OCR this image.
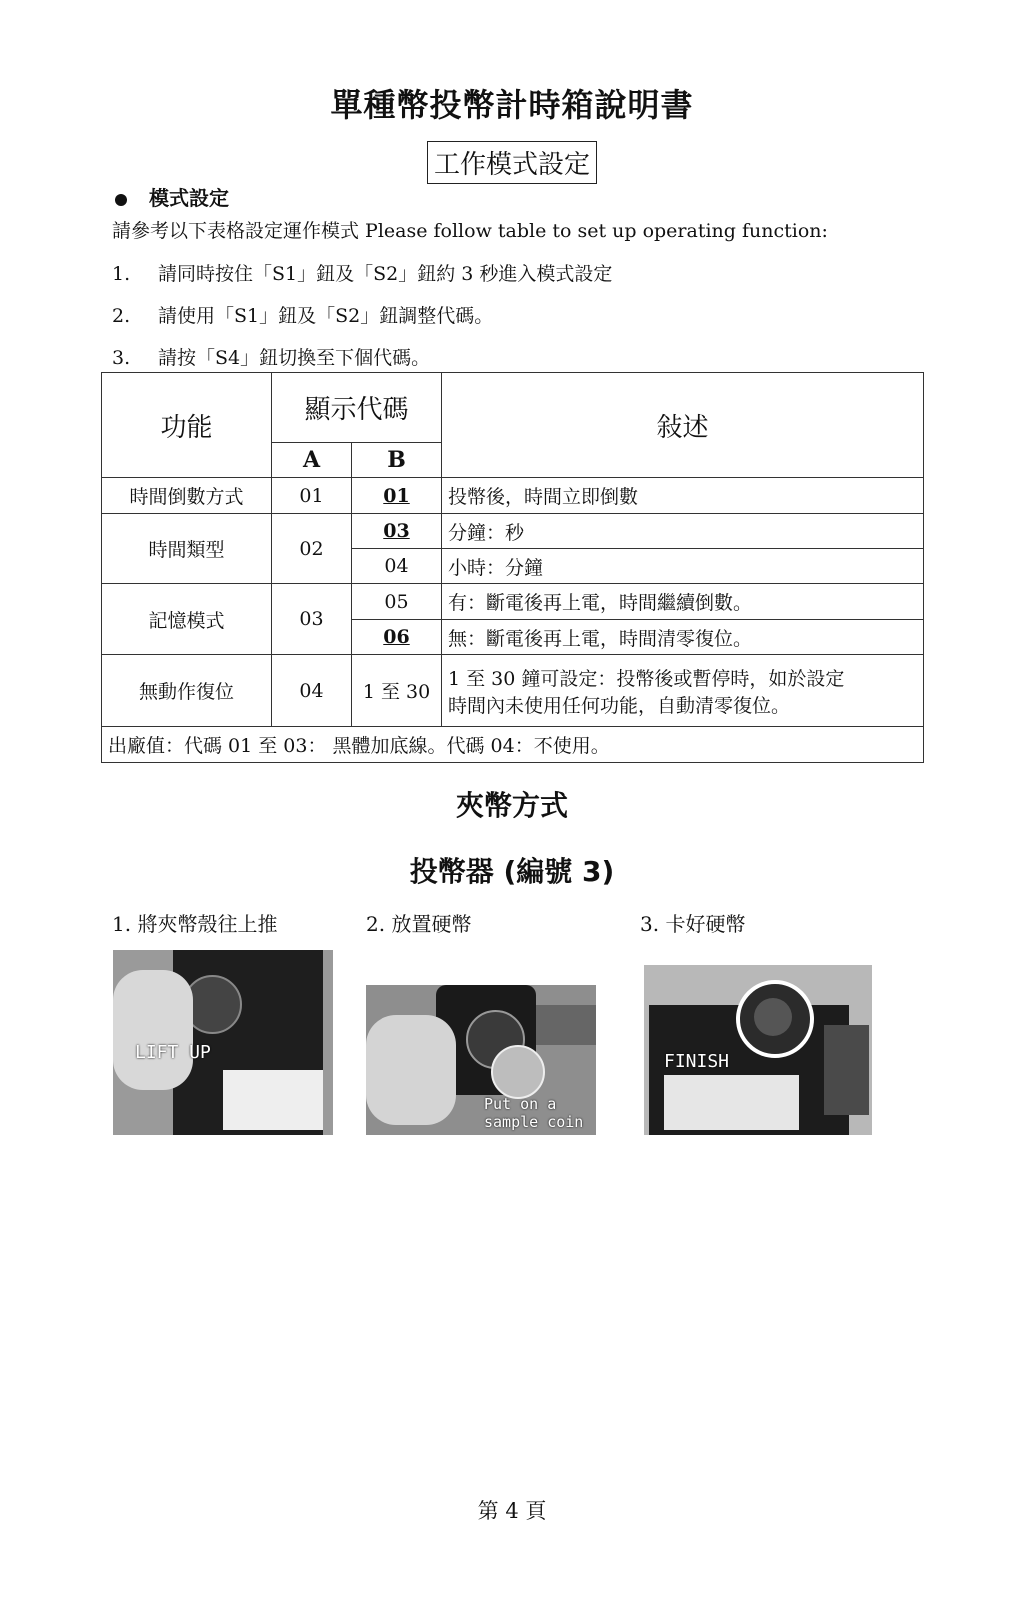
單種幣投幣計時箱說明書
工作模式設定
模式設定
請參考以下表格設定運作模式 Please follow table to set up operating function:
1. 請同時按住「S1」鈕及「S2」鈕約 3 秒進入模式設定
2. 請使用「S1」鈕及「S2」鈕調整代碼。
3. 請按「S4」鈕切換至下個代碼。
功能	顯示代碼		敍述
	A	B	
時間倒數方式	01	01	投幣後，時間立即倒數
時間類型	02	03	分鐘：秒
		04	小時：分鐘
記憶模式	03	05	有：斷電後再上電，時間繼續倒數。
		06	無：斷電後再上電，時間清零復位。
無動作復位	04	1 至 30	1 至 30 鐘可設定：投幣後或暫停時，如於設定
時間內未使用任何功能，自動清零復位。

出廠值：代碼 01 至 03： 黑體加底線。代碼 04：不使用。			
夾幣方式
投幣器 (編號 3)
1. 將夾幣殼往上推	2. 放置硬幣	3. 卡好硬幣
LIFT UP
Put on a
sample coin
FINISH
第 4 頁
